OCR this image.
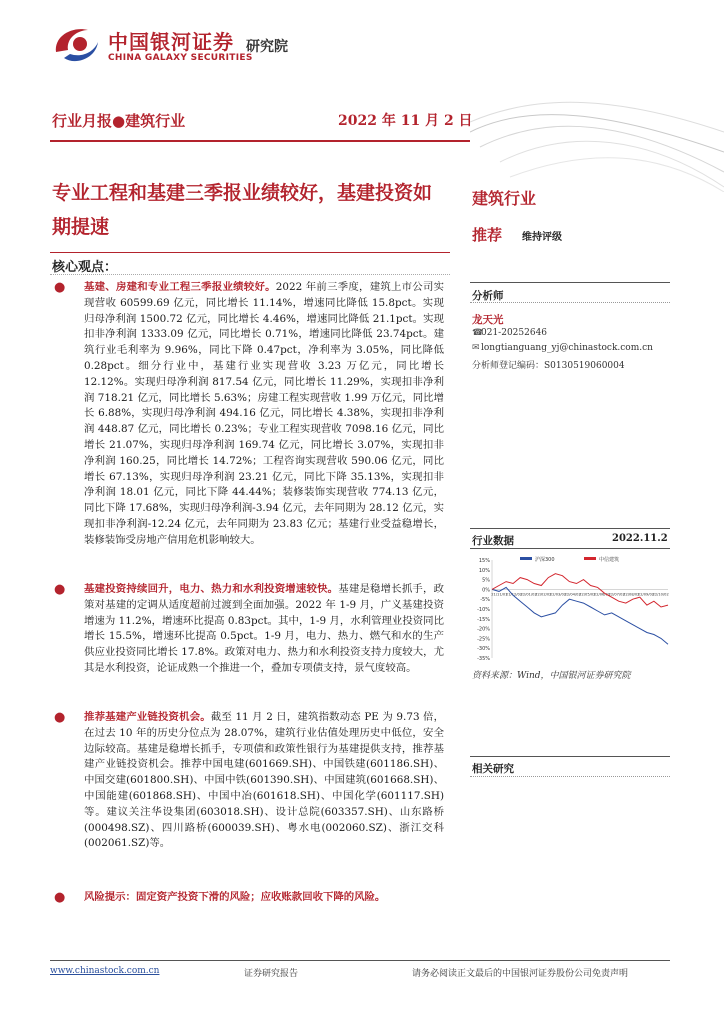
中国银河证券
CHINA GALAXY SECURITIES
研究院
行业月报●建筑行业	2022 年 11 月 2 日
专业工程和基建三季报业绩较好，基建投资如期提速
核心观点：
● 基建、房建和专业工程三季报业绩较好。2022 年前三季度，建筑上市公司实现营收 60599.69 亿元，同比增长 11.14%，增速同比降低 15.8pct。实现归母净利润 1500.72 亿元，同比增长 4.46%，增速同比降低 21.1pct。实现扣非净利润 1333.09 亿元，同比增长 0.71%，增速同比降低 23.74pct。建筑行业毛利率为 9.96%，同比下降 0.47pct，净利率为 3.05%，同比降低 0.28pct。细分行业中，基建行业实现营收 3.23 万亿元，同比增长 12.12%。实现归母净利润 817.54 亿元，同比增长 11.29%，实现扣非净利润 718.21 亿元，同比增长 5.63%；房建工程实现营收 1.99 万亿元，同比增长 6.88%，实现归母净利润 494.16 亿元，同比增长 4.38%，实现扣非净利润 448.87 亿元，同比增长 0.23%；专业工程实现营收 7098.16 亿元，同比增长 21.07%，实现归母净利润 169.74 亿元，同比增长 3.07%，实现扣非净利润 160.25，同比增长 14.72%；工程咨询实现营收 590.06 亿元，同比增长 67.13%，实现归母净利润 23.21 亿元，同比下降 35.13%，实现扣非净利润 18.01 亿元，同比下降 44.44%；装修装饰实现营收 774.13 亿元，同比下降 17.68%，实现归母净利润-3.94 亿元，去年同期为 28.12 亿元，实现扣非净利润-12.24 亿元，去年同期为 23.83 亿元；基建行业受益稳增长，装修装饰受房地产信用危机影响较大。
● 基建投资持续回升，电力、热力和水利投资增速较快。基建是稳增长抓手，政策对基建的定调从适度超前过渡到全面加强。2022 年 1-9 月，广义基建投资增速为 11.2%，增速环比提高 0.83pct。其中，1-9 月，水利管理业投资同比增长 15.5%，增速环比提高 0.5pct。1-9 月，电力、热力、燃气和水的生产供应业投资同比增长 17.8%。政策对电力、热力和水利投资支持力度较大，尤其是水利投资，论证成熟一个推进一个，叠加专项债支持，景气度较高。
● 推荐基建产业链投资机会。截至 11 月 2 日，建筑指数动态 PE 为 9.73 倍，在过去 10 年的历史分位点为 28.07%，建筑行业估值处理历史中低位，安全边际较高。基建是稳增长抓手，专项债和政策性银行为基建提供支持，推荐基建产业链投资机会。推荐中国电建(601669.SH)、中国铁建(601186.SH)、中国交建(601800.SH)、中国中铁(601390.SH)、中国建筑(601668.SH)、中国能建(601868.SH)、中国中冶(601618.SH)、中国化学(601117.SH)等。建议关注华设集团(603018.SH)、设计总院(603357.SH)、山东路桥(000498.SZ)、四川路桥(600039.SH)、粤水电(002060.SZ)、浙江交科(002061.SZ)等。
● 风险提示：固定资产投资下滑的风险；应收账款回收下降的风险。
建筑行业
推荐 维持评级
分析师
龙天光
☎021-20252646
✉longtianguang_yj@chinastock.com.cn
分析师登记编码：S0130519060004
行业数据	2022.11.2
15%
10%
5%
0%
-5%
-10%
-15%
-20%
-25%
-30%
-35%
21/11/01
21/12/02
22/01/02
22/02/02
22/03/02
22/04/02
22/05/02
22/06/02
22/07/02
22/08/02
22/09/02
22/10/02
沪深300	中信建筑
资料来源：Wind，中国银河证券研究院
相关研究
www.chinastock.com.cn	证券研究报告	请务必阅读正文最后的中国银河证券股份公司免责声明
